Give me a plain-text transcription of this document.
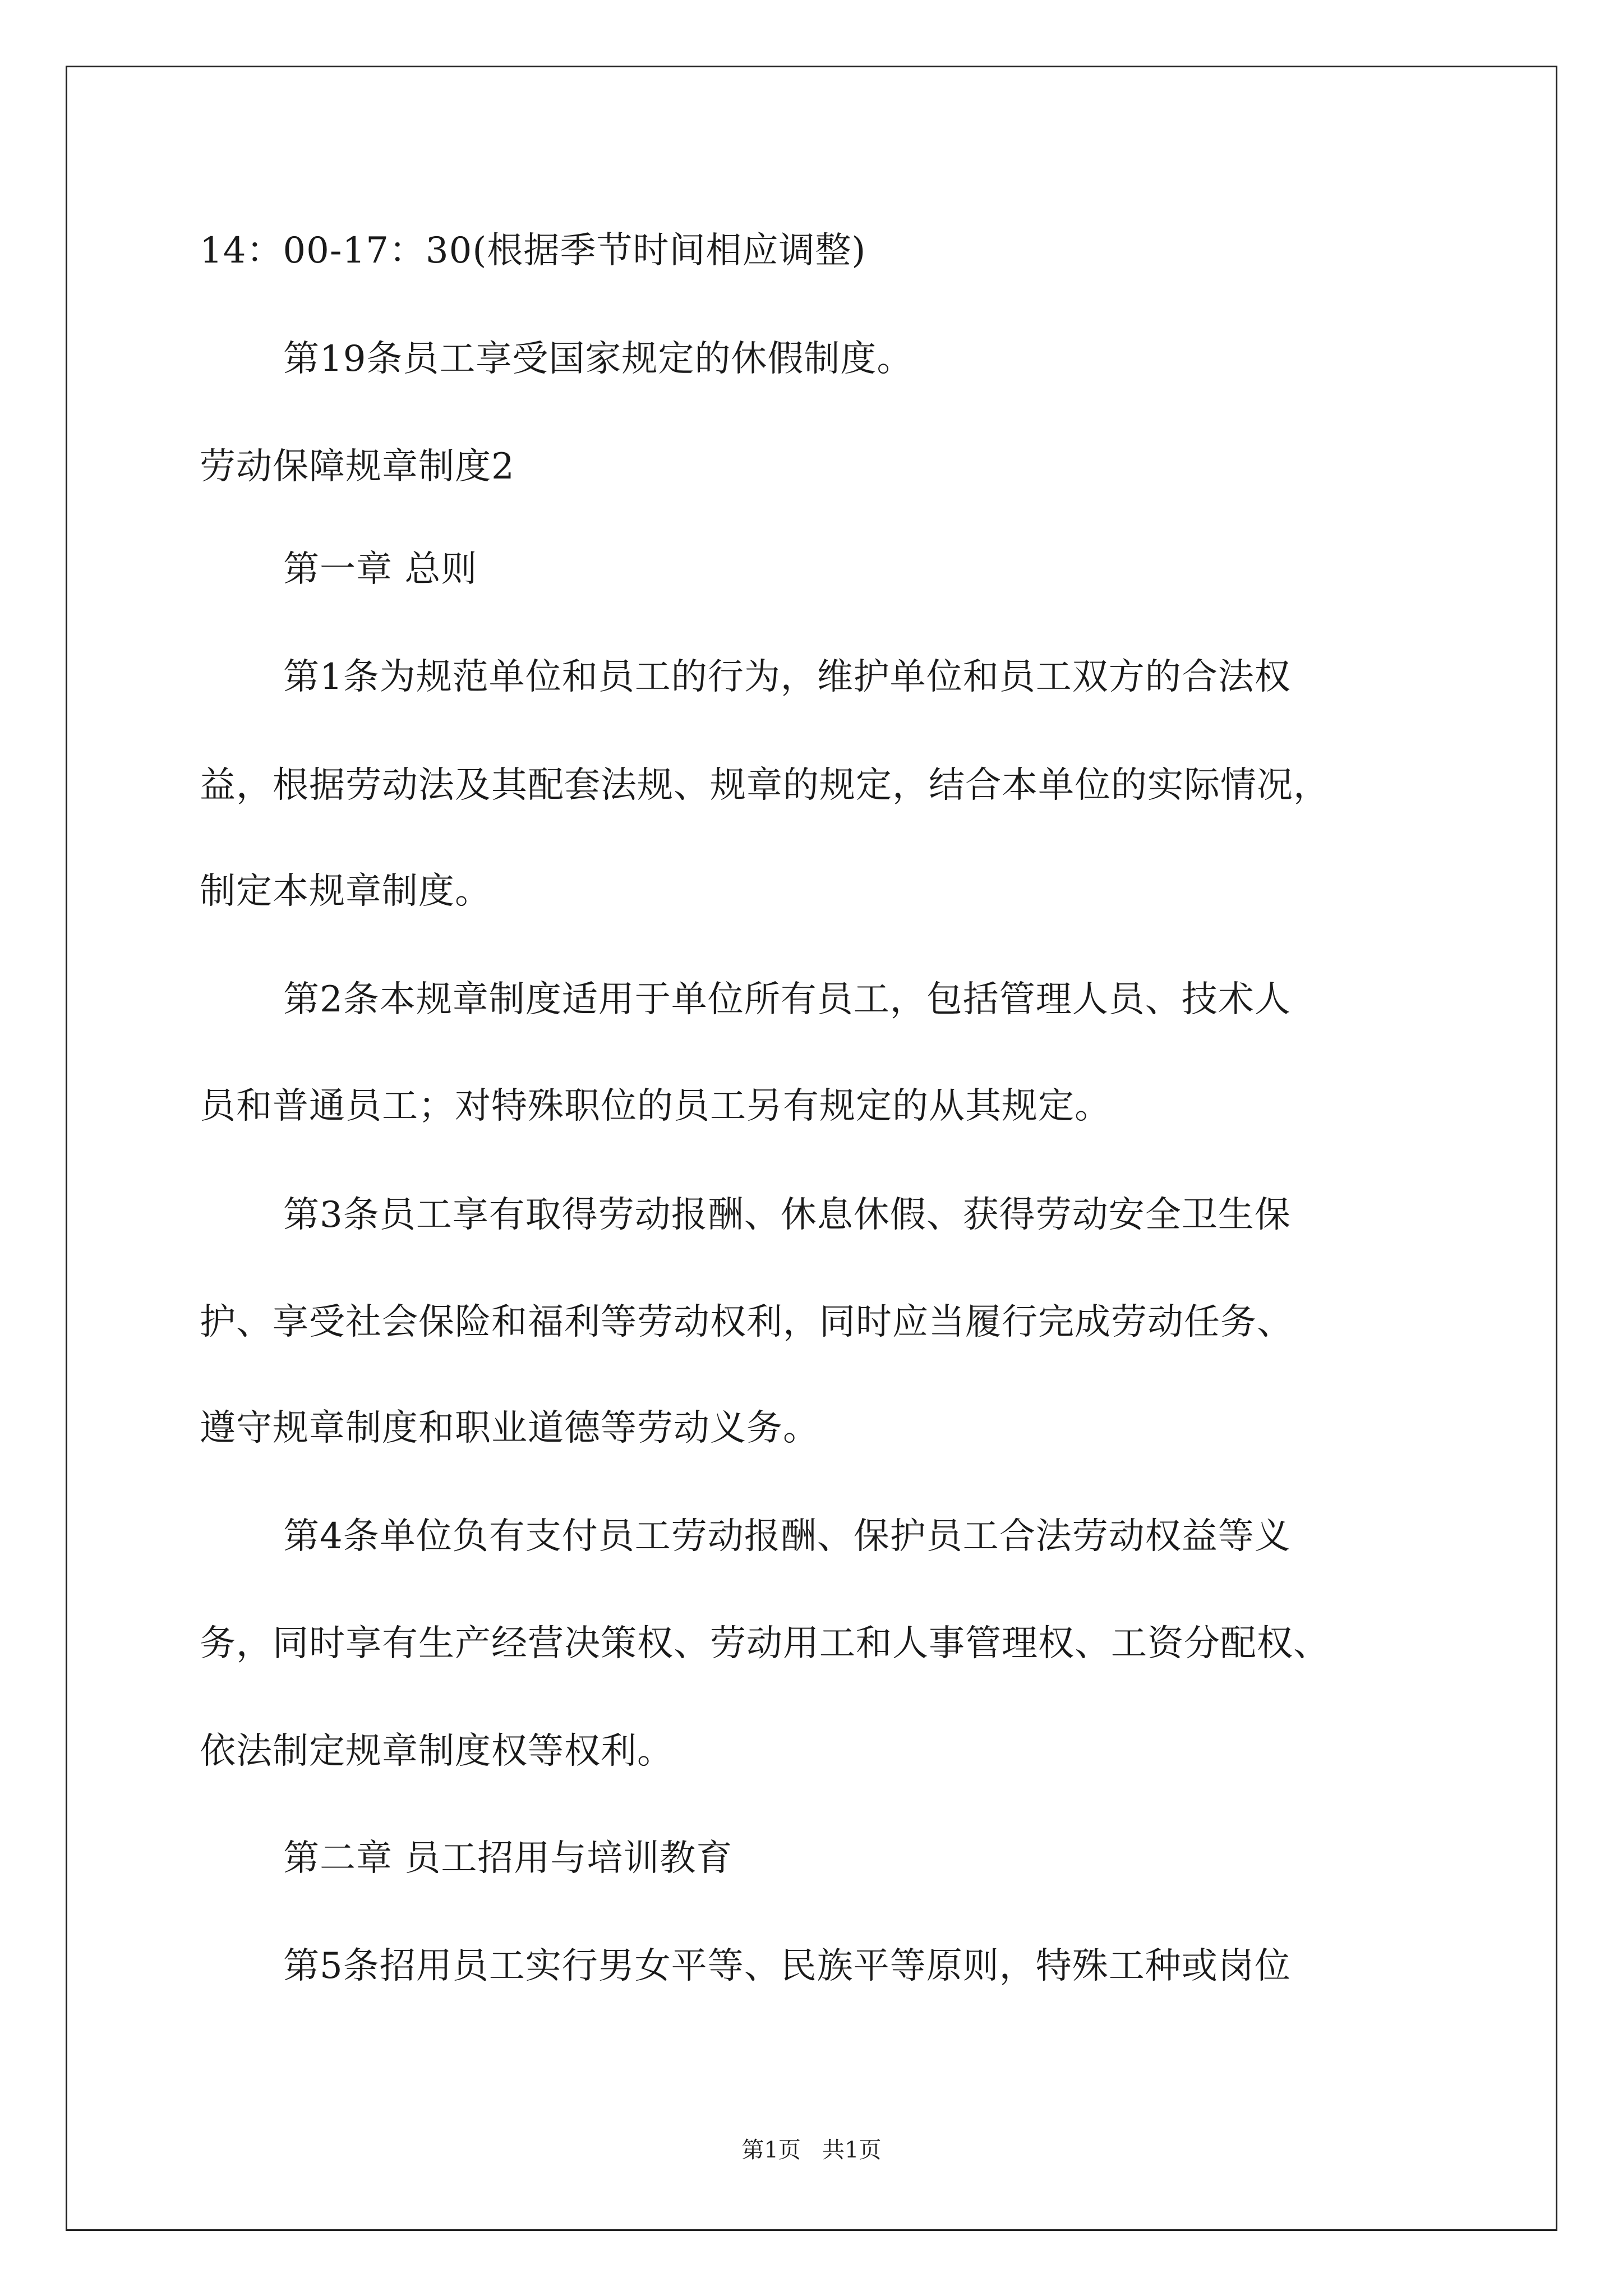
14：00-17：30(根据季节时间相应调整)
第19条员工享受国家规定的休假制度。
劳动保障规章制度2
第一章 总则
第1条为规范单位和员工的行为，维护单位和员工双方的合法权
益，根据劳动法及其配套法规、规章的规定，结合本单位的实际情况，
制定本规章制度。
第2条本规章制度适用于单位所有员工，包括管理人员、技术人
员和普通员工；对特殊职位的员工另有规定的从其规定。
第3条员工享有取得劳动报酬、休息休假、获得劳动安全卫生保
护、享受社会保险和福利等劳动权利，同时应当履行完成劳动任务、
遵守规章制度和职业道德等劳动义务。
第4条单位负有支付员工劳动报酬、保护员工合法劳动权益等义
务，同时享有生产经营决策权、劳动用工和人事管理权、工资分配权、
依法制定规章制度权等权利。
第二章 员工招用与培训教育
第5条招用员工实行男女平等、民族平等原则，特殊工种或岗位
第1页   共1页
